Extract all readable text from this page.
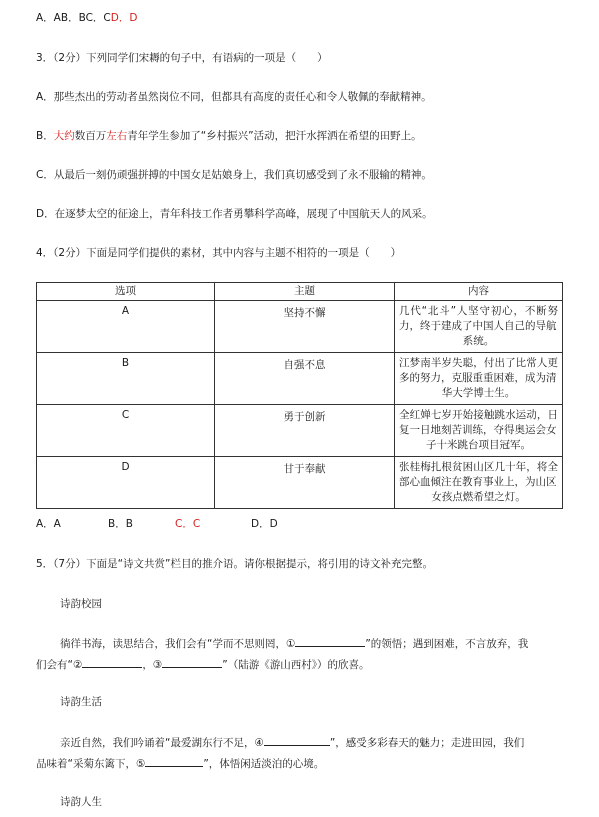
A．AB．BC．CD．D
3．（2分）下列同学们宋耨的句子中，有语病的一项是（　　）
A．那些杰出的劳动者虽然岗位不同，但都具有高度的责任心和令人敬佩的奉献精神。
B．大约数百万左右青年学生参加了“乡村振兴”活动，把汗水挥洒在希望的田野上。
C．从最后一刻仍顽强拼搏的中国女足姑娘身上，我们真切感受到了永不服输的精神。
D．在逐梦太空的征途上，青年科技工作者勇攀科学高峰，展现了中国航天人的风采。
4．（2分）下面是同学们提供的素材，其中内容与主题不相符的一项是（　　）
选项	主题	内容
A	坚持不懈	几代“北斗”人坚守初心，不断努力，终于建成了中国人自己的导航
系统。

B	自强不息	江梦南半岁失聪，付出了比常人更多的努力，克服重重困难，成为清
华大学博士生。

C	勇于创新	全红婵七岁开始接触跳水运动，日复一日地刻苦训练，夺得奥运会女
子十米跳台项目冠军。

D	甘于奉献	张桂梅扎根贫困山区几十年，将全部心血倾注在教育事业上，为山区
女孩点燃希望之灯。
A．A	B．B	C．C	D．D
5．（7分）下面是“诗文共赏”栏目的推介语。请你根据提示，将引用的诗文补充完整。
诗韵校园
徜徉书海，读思结合，我们会有“学而不思则罔，①	”的领悟；遇到困难，不言放弃，我
们会有“②	，③	”（陆游《游山西村》）的欣喜。
诗韵生活
亲近自然，我们吟诵着“最爱湖东行不足，④	”，感受多彩春天的魅力；走进田园，我们
品味着“采菊东篱下，⑤	”，体悟闲适淡泊的心境。
诗韵人生
